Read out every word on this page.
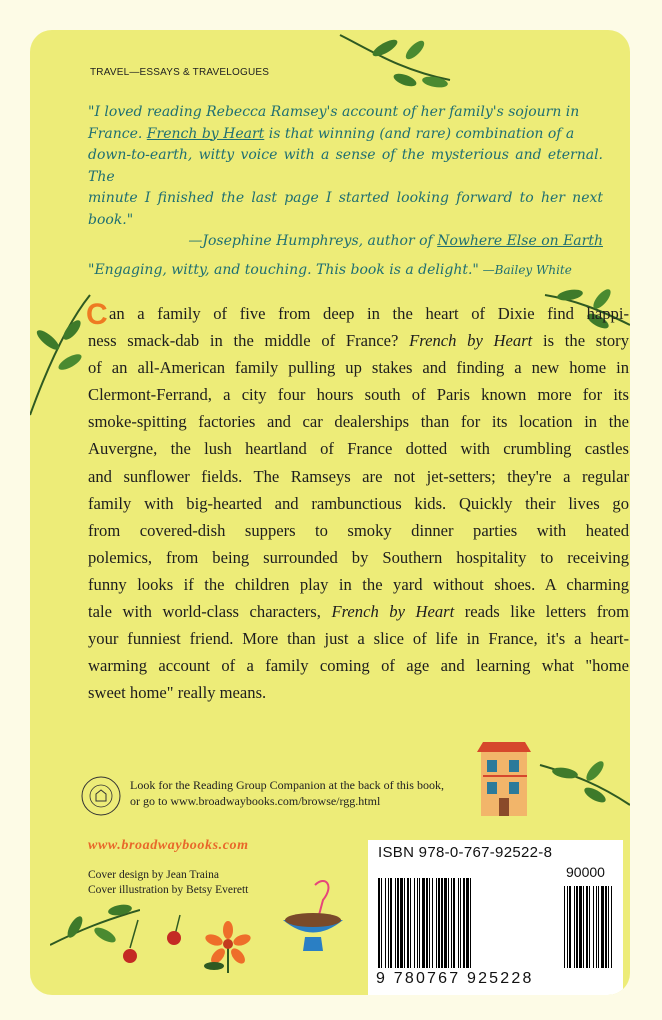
TRAVEL—ESSAYS & TRAVELOGUES
"I loved reading Rebecca Ramsey's account of her family's sojourn in
France. French by Heart is that winning (and rare) combination of a
down-to-earth, witty voice with a sense of the mysterious and eternal. The
minute I finished the last page I started looking forward to her next book."
—Josephine Humphreys, author of Nowhere Else on Earth
"Engaging, witty, and touching. This book is a delight." —Bailey White
C an a family of five from deep in the heart of Dixie find happi-
ness smack-dab in the middle of France? French by Heart is the story
of an all-American family pulling up stakes and finding a new home in
Clermont-Ferrand, a city four hours south of Paris known more for its
smoke-spitting factories and car dealerships than for its location in the
Auvergne, the lush heartland of France dotted with crumbling castles
and sunflower fields. The Ramseys are not jet-setters; they're a regular
family with big-hearted and rambunctious kids. Quickly their lives go
from covered-dish suppers to smoky dinner parties with heated
polemics, from being surrounded by Southern hospitality to receiving
funny looks if the children play in the yard without shoes. A charming
tale with world-class characters, French by Heart reads like letters from
your funniest friend. More than just a slice of life in France, it's a heart-
warming account of a family coming of age and learning what "home
sweet home" really means.
Look for the Reading Group Companion at the back of this book,
or go to www.broadwaybooks.com/browse/rgg.html
www.broadwaybooks.com
Cover design by Jean Traina
Cover illustration by Betsy Everett
ISBN 978-0-767-92522-8
90000
9 780767 925228
